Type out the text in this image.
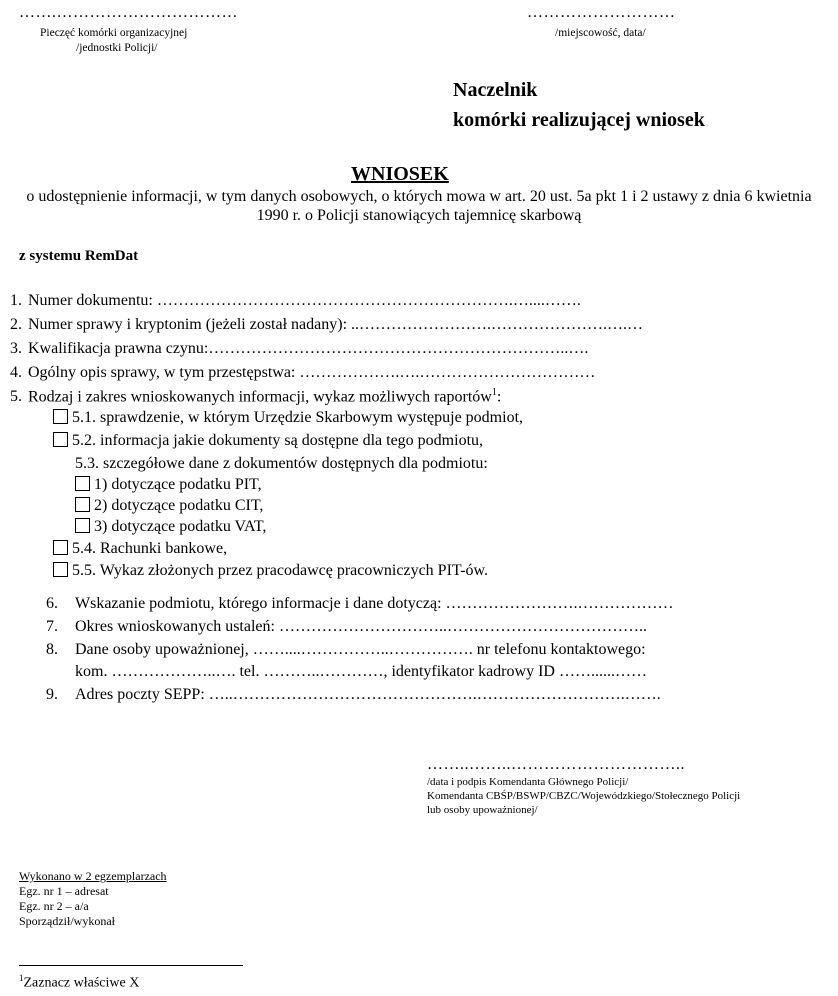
…….……………………………
Pieczęć komórki organizacyjnej
/jednostki Policji/
………………………
/miejscowość, data/
Naczelnik
komórki realizującej wniosek
WNIOSEK
o udostępnienie informacji, w tym danych osobowych, o których mowa w art. 20 ust. 5a pkt 1 i 2 ustawy z dnia 6 kwietnia 1990 r. o Policji stanowiących tajemnicę skarbową
z systemu RemDat
1. Numer dokumentu: ………………………………………………………….…....…….
2. Numer sprawy i kryptonim (jeżeli został nadany): ..…………………….………………….….…
3. Kwalifikacja prawna czynu:…………………………………………………………..….
4. Ogólny opis sprawy, w tym przestępstwa: ……………….….……………………………
5. Rodzaj i zakres wnioskowanych informacji, wykaz możliwych raportów$^1$:
5.1. sprawdzenie, w którym Urzędzie Skarbowym występuje podmiot,
5.2. informacja jakie dokumenty są dostępne dla tego podmiotu,
5.3. szczegółowe dane z dokumentów dostępnych dla podmiotu:
1) dotyczące podatku PIT,
2) dotyczące podatku CIT,
3) dotyczące podatku VAT,
5.4. Rachunki bankowe,
5.5. Wykaz złożonych przez pracodawcę pracowniczych PIT-ów.
6. Wskazanie podmiotu, którego informacje i dane dotyczą: …………………….………………
7. Okres wnioskowanych ustaleń: …………………………..………………………………..
8. Dane osoby upoważnionej, ……....……………..……………. nr telefonu kontaktowego:
kom. ………………..…. tel. ………..…………, identyfikator kadrowy ID ……......……
9. Adres poczty SEPP: …..……………………………………….……………………….…….
……..……..…………………………..
/data i podpis Komendanta Głównego Policji/
Komendanta CBŚP/BSWP/CBZC/Wojewódzkiego/Stołecznego Policji
lub osoby upoważnionej/
Wykonano w 2 egzemplarzach
Egz. nr 1 – adresat
Egz. nr 2 – a/a
Sporządził/wykonał
$^1$Zaznacz właściwe X
